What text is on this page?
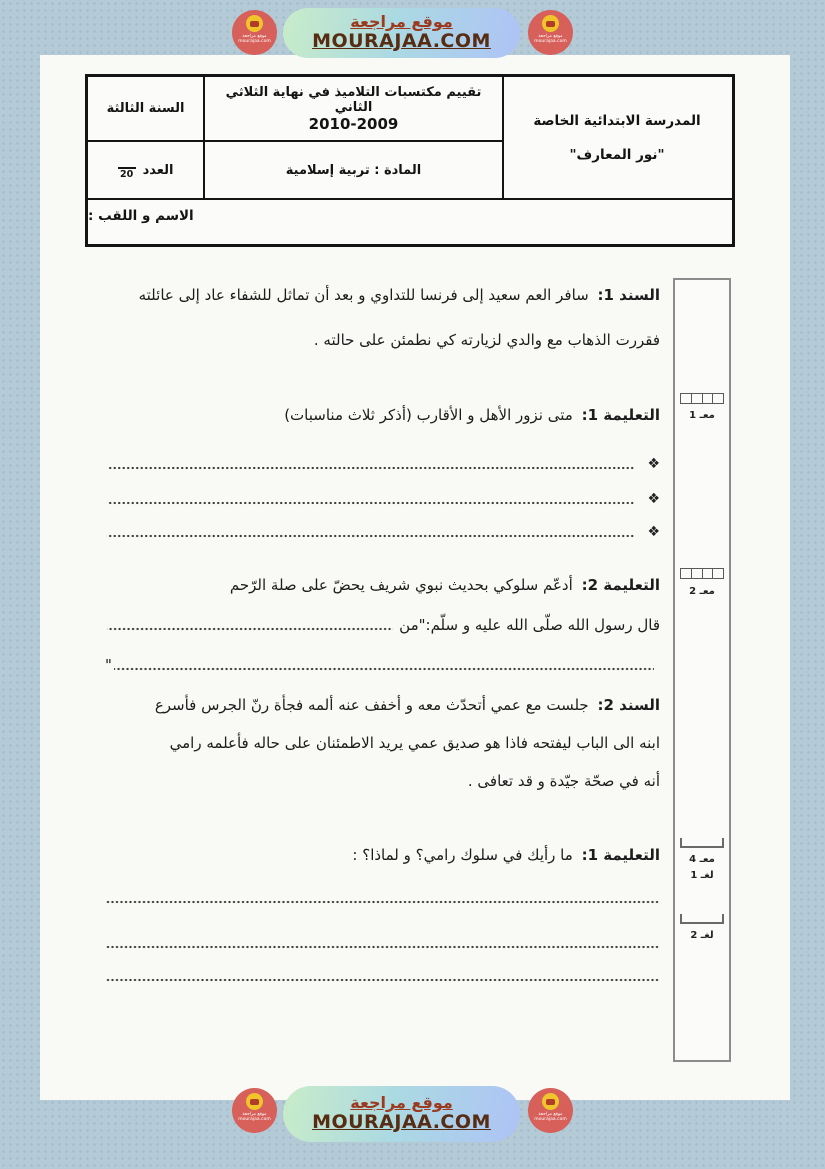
المدرسة الابتدائية الخاصة
"نور المعارف"
تقييم مكتسبات التلاميذ في نهاية الثلاثي الثاني
2010-2009
السنة الثالثة
المادة : تربية إسلامية
العدد
20
الاسم و اللقب :
السند 1: سافر العم سعيد إلى فرنسا للتداوي و بعد أن تماثل للشفاء عاد إلى عائلته
فقررت الذهاب مع والدي لزيارته كي نطمئن على حالته .
التعليمة 1: متى نزور الأهل و الأقارب (أذكر ثلاث مناسبات)
❖
❖
❖
التعليمة 2: أدعّم سلوكي بحديث نبوي شريف يحضّ على صلة الرّحم
قال رسول الله صلّى الله عليه و سلّم:"من
"
السند 2: جلست مع عمي أتحدّث معه و أخفف عنه ألمه فجأة رنّ الجرس فأسرع
ابنه الى الباب ليفتحه فاذا هو صديق عمي يريد الاطمئنان على حاله فأعلمه رامي
أنه في صحّة جيّدة و قد تعافى .
التعليمة 1: ما رأيك في سلوك رامي؟ و لماذا؟ :
معـ 1
معـ 2
معـ 4
لغـ 1
لغـ 2
موقع مراجعة
mourajaa.com
موقع مراجعة
MOURAJAA.COM	موقع مراجعة
mourajaa.com
موقع مراجعة
mourajaa.com
موقع مراجعة
MOURAJAA.COM	موقع مراجعة
mourajaa.com
